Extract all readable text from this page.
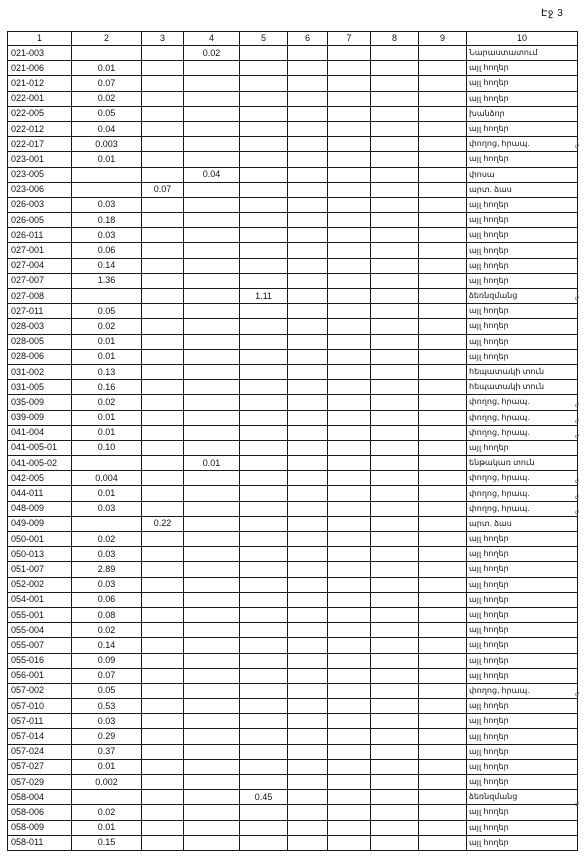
Էջ 3
1	2	3	4	5	6	7	8	9	10
021-003			0.02						Նարաստատում
021-006	0.01								այլ հողեր
021-012	0.07								այլ հողեր
022-001	0.02								այլ հողեր
022-005	0.05								խանձոր
022-012	0.04								այլ հողեր
022-017	0.003								փողոց, հրապ.
023-001	0.01								այլ հողեր
023-005			0.04						փոսա
023-006		0.07							արտ. ձաս
026-003	0.03								այլ հողեր
026-005	0.18								այլ հողեր
026-011	0.03								այլ հողեր
027-001	0.06								այլ հողեր
027-004	0.14								այլ հողեր
027-007	1.36								այլ հողեր
027-008				1.11					ձեռնզմանց
027-011	0.05								այլ հողեր
028-003	0.02								այլ հողեր
028-005	0.01								այլ հողեր
028-006	0.01								այլ հողեր
031-002	0.13								հեպատակի տուն
031-005	0.16								հեպատակի տուն
035-009	0.02								փողոց, հրապ.
039-009	0.01								փողոց, հրապ.
041-004	0.01								փողոց, հրապ.
041-005-01	0.10								այլ հողեր
041-005-02			0.01						ենթակառ տուն
042-005	0.004								փողոց, հրապ.
044-011	0.01								փողոց, հրապ.
048-009	0.03								փողոց, հրապ.
049-009		0.22							արտ. ձաս
050-001	0.02								այլ հողեր
050-013	0.03								այլ հողեր
051-007	2.89								այլ հողեր
052-002	0.03								այլ հողեր
054-001	0.06								այլ հողեր
055-001	0.08								այլ հողեր
055-004	0.02								այլ հողեր
055-007	0.14								այլ հողեր
055-016	0.09								այլ հողեր
056-001	0.07								այլ հողեր
057-002	0.05								փողոց, հրապ.
057-010	0.53								այլ հողեր
057-011	0.03								այլ հողեր
057-014	0.29								այլ հողեր
057-024	0.37								այլ հողեր
057-027	0.01								այլ հողեր
057-029	0.002								այլ հողեր
058-004				0.45					ձեռնզմանց
058-006	0.02								այլ հողեր
058-009	0.01								այլ հողեր
058-011	0.15								այլ հողեր
ժ
ժ
ժ
ժ
ժ
ժ
ժ
ժ
ժ
ժ
